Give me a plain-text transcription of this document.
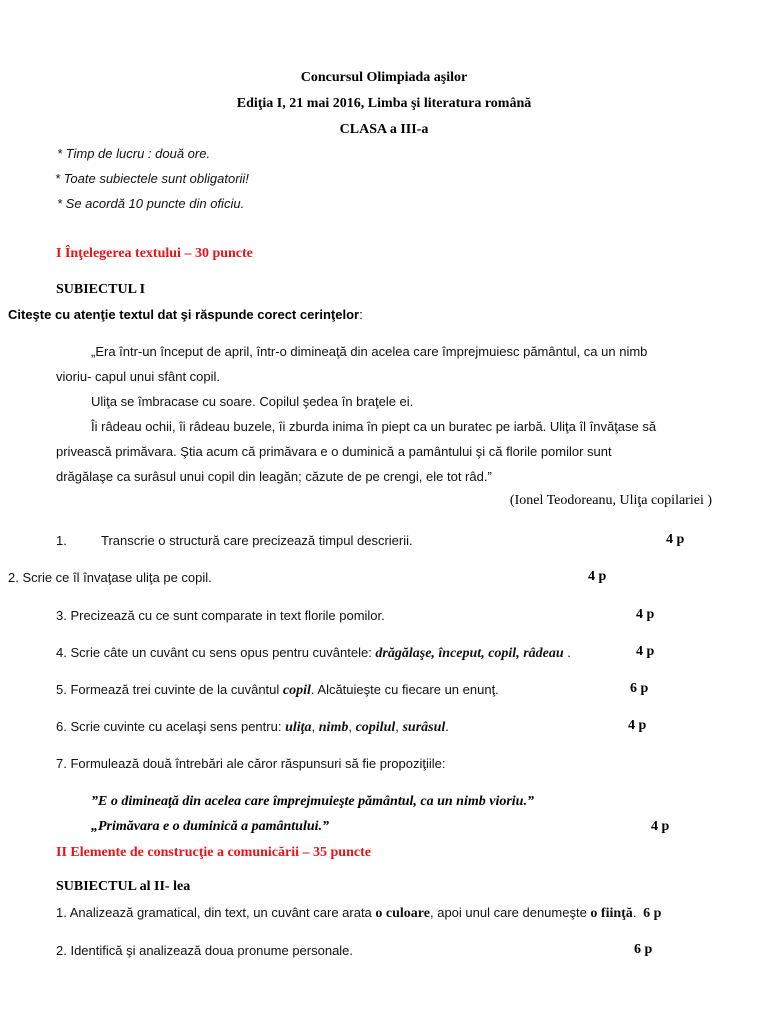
Concursul Olimpiada aşilor
Ediţia I, 21 mai 2016, Limba şi literatura română
CLASA a III-a
* Timp de lucru : două ore.
* Toate subiectele sunt obligatorii!
* Se acordă 10 puncte din oficiu.
I Înţelegerea textului – 30 puncte
SUBIECTUL I
Citeşte cu atenţie textul dat şi răspunde corect cerinţelor:
„Era într-un început de april, într-o dimineaţă din acelea care împrejmuiesc pământul, ca un nimb
vioriu- capul unui sfânt copil.
Uliţa se îmbracase cu soare. Copilul şedea în braţele ei.
Îi râdeau ochii, îi râdeau buzele, îi zburda inima în piept ca un buratec pe iarbă. Uliţa îl învăţase să
privească primăvara. Ştia acum că primăvara e o duminică a pamântului şi că florile pomilor sunt
drăgălaşe ca surâsul unui copil din leagăn; căzute de pe crengi, ele tot râd.”
(Ionel Teodoreanu, Uliţa copilariei )
1.	Transcrie o structură care precizează timpul descrierii.	4 p
2. Scrie ce îl învaţase uliţa pe copil.	4 p
3. Precizează cu ce sunt comparate in text florile pomilor.	4 p
4. Scrie câte un cuvânt cu sens opus pentru cuvântele: drăgălaşe, început, copil, râdeau .	4 p
5. Formează trei cuvinte de la cuvântul copil. Alcătuieşte cu fiecare un enunţ.	6 p
6. Scrie cuvinte cu acelaşi sens pentru: uliţa, nimb, copilul, surâsul.	4 p
7. Formulează două întrebări ale căror răspunsuri să fie propoziţiile:
”E o dimineaţă din acelea care împrejmuieşte pământul, ca un nimb vioriu.”
„Primăvara e o duminică a pamântului.”	4 p
II Elemente de construcţie a comunicării – 35 puncte
SUBIECTUL al II- lea
1. Analizează gramatical, din text, un cuvânt care arata o culoare, apoi unul care denumeşte o fiinţă. 6 p
2. Identifică şi analizează doua pronume personale.	6 p
